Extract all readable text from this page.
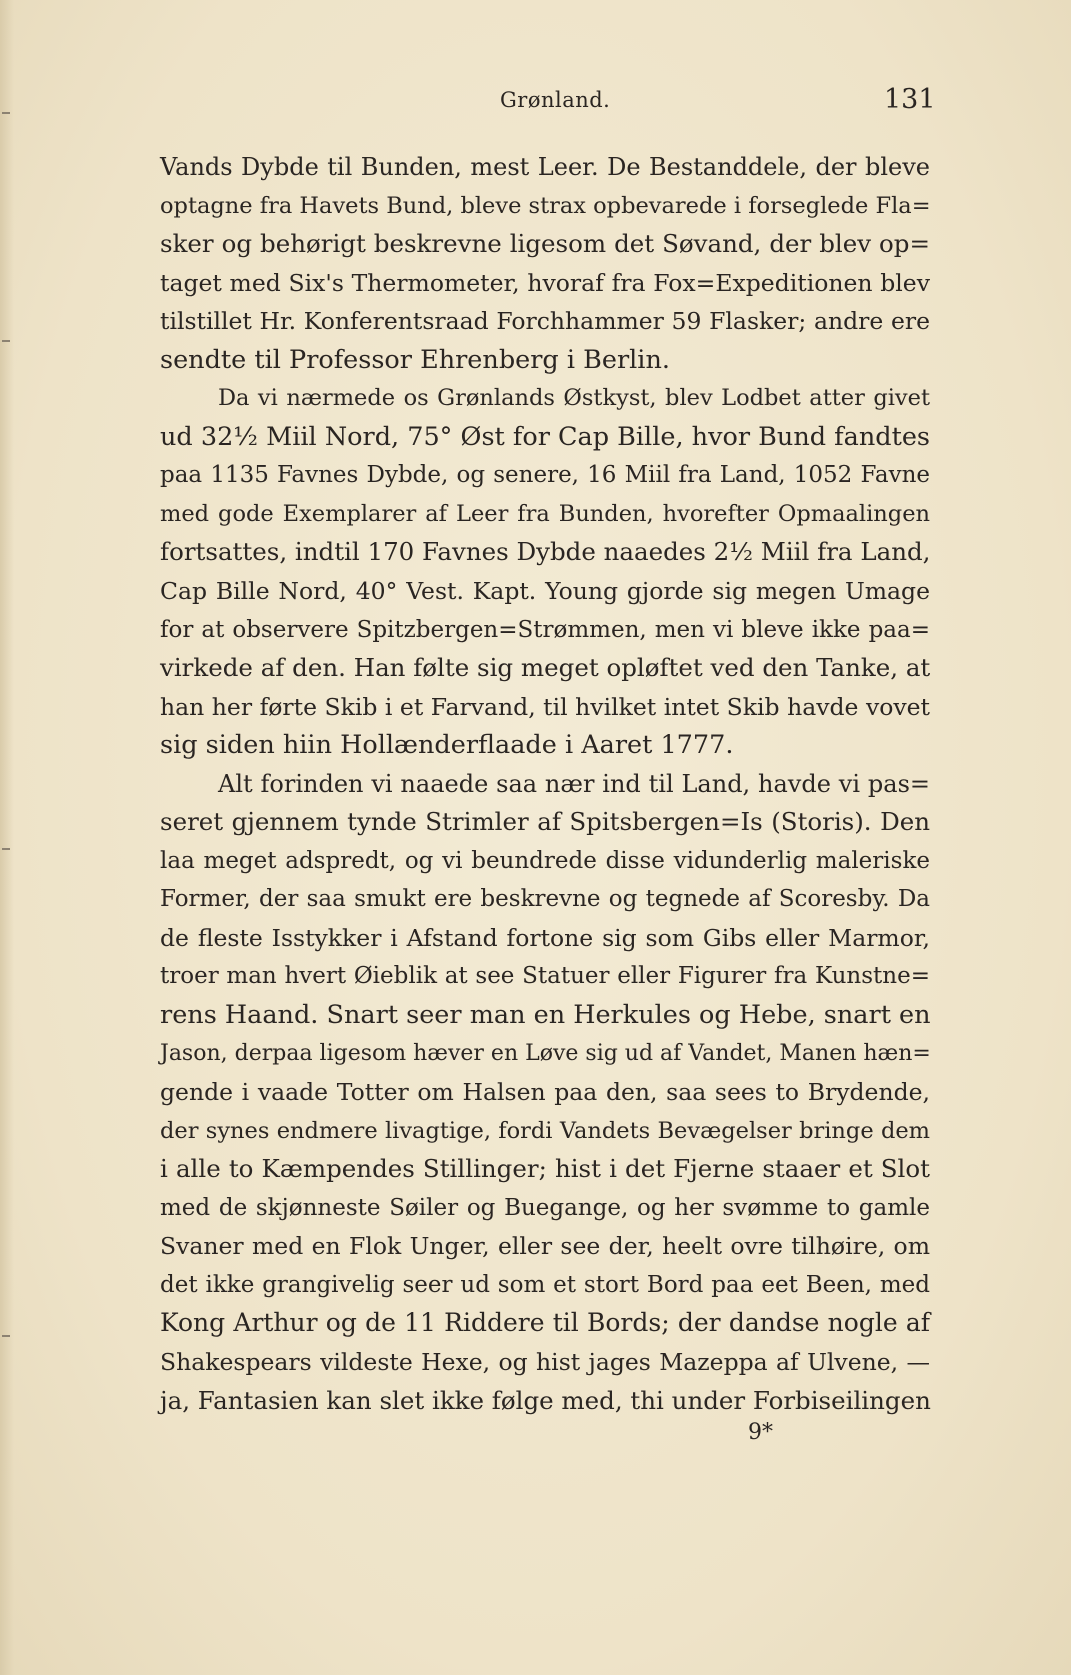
Grønland.	131
Vands Dybde til Bunden, mest Leer. De Bestanddele, der bleve
optagne fra Havets Bund, bleve strax opbevarede i forseglede Fla=
sker og behørigt beskrevne ligesom det Søvand, der blev op=
taget med Six's Thermometer, hvoraf fra Fox=Expeditionen blev
tilstillet Hr. Konferentsraad Forchhammer 59 Flasker; andre ere
sendte til Professor Ehrenberg i Berlin.
Da vi nærmede os Grønlands Østkyst, blev Lodbet atter givet
ud 32½ Miil Nord, 75° Øst for Cap Bille, hvor Bund fandtes
paa 1135 Favnes Dybde, og senere, 16 Miil fra Land, 1052 Favne
med gode Exemplarer af Leer fra Bunden, hvorefter Opmaalingen
fortsattes, indtil 170 Favnes Dybde naaedes 2½ Miil fra Land,
Cap Bille Nord, 40° Vest. Kapt. Young gjorde sig megen Umage
for at observere Spitzbergen=Strømmen, men vi bleve ikke paa=
virkede af den. Han følte sig meget opløftet ved den Tanke, at
han her førte Skib i et Farvand, til hvilket intet Skib havde vovet
sig siden hiin Hollænderflaade i Aaret 1777.
Alt forinden vi naaede saa nær ind til Land, havde vi pas=
seret gjennem tynde Strimler af Spitsbergen=Is (Storis). Den
laa meget adspredt, og vi beundrede disse vidunderlig maleriske
Former, der saa smukt ere beskrevne og tegnede af Scoresby. Da
de fleste Isstykker i Afstand fortone sig som Gibs eller Marmor,
troer man hvert Øieblik at see Statuer eller Figurer fra Kunstne=
rens Haand. Snart seer man en Herkules og Hebe, snart en
Jason, derpaa ligesom hæver en Løve sig ud af Vandet, Manen hæn=
gende i vaade Totter om Halsen paa den, saa sees to Brydende,
der synes endmere livagtige, fordi Vandets Bevægelser bringe dem
i alle to Kæmpendes Stillinger; hist i det Fjerne staaer et Slot
med de skjønneste Søiler og Buegange, og her svømme to gamle
Svaner med en Flok Unger, eller see der, heelt ovre tilhøire, om
det ikke grangivelig seer ud som et stort Bord paa eet Been, med
Kong Arthur og de 11 Riddere til Bords; der dandse nogle af
Shakespears vildeste Hexe, og hist jages Mazeppa af Ulvene, —
ja, Fantasien kan slet ikke følge med, thi under Forbiseilingen
9*
